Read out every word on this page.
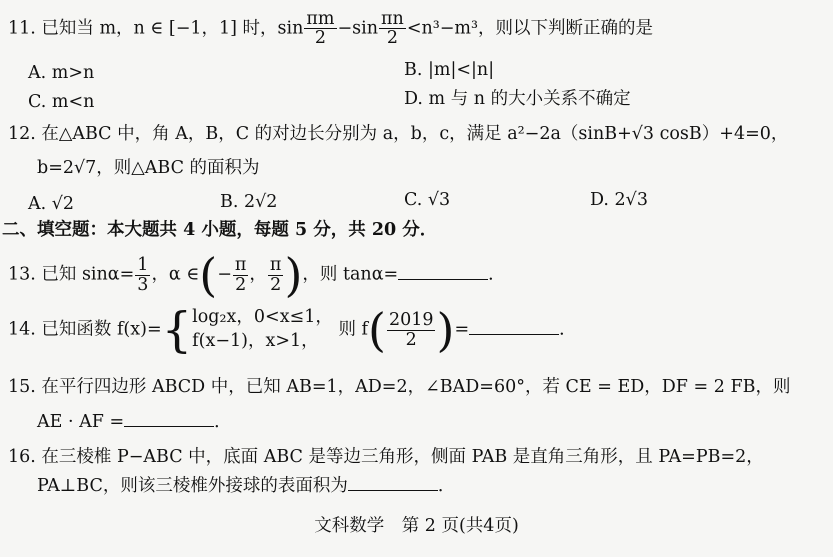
11. 已知当 m，n ∈ [−1，1] 时，$\sin \frac{\pi m}{2} -\sin \frac{\pi n}{2} <n^3-m^3$，则以下判断正确的是
A. m>n	B. |m|<|n|
C. m<n	D. m 与 n 的大小关系不确定
12. 在△ABC 中，角 A，B，C 的对边长分别为 a，b，c，满足 a²−2a（sinB+√3 cosB）+4=0，
b=2√7，则△ABC 的面积为
A. √2	B. 2√2	C. √3	D. 2√3
二、填空题：本大题共 4 小题，每题 5 分，共 20 分．
13. 已知 $\sin\alpha= \frac{1}{3}$ ，α ∈(− $\frac{\pi}{2}$ ， $\frac{\pi}{2}$ )，则 tanα=	．
14. 已知函数 f(x)={ log₂x，0<x≤1，
f(x−1)，x>1，
则 $f( \frac{2019}{2}$ )=	．
15. 在平行四边形 ABCD 中，已知 AB=1，AD=2，∠BAD=60°，若 CE = ED，DF = 2 FB，则
AE · AF =	．
16. 在三棱椎 P−ABC 中，底面 ABC 是等边三角形，侧面 PAB 是直角三角形，且 PA=PB=2，
PA⊥BC，则该三棱椎外接球的表面积为	．
文科数学　第 2 页(共4页)
